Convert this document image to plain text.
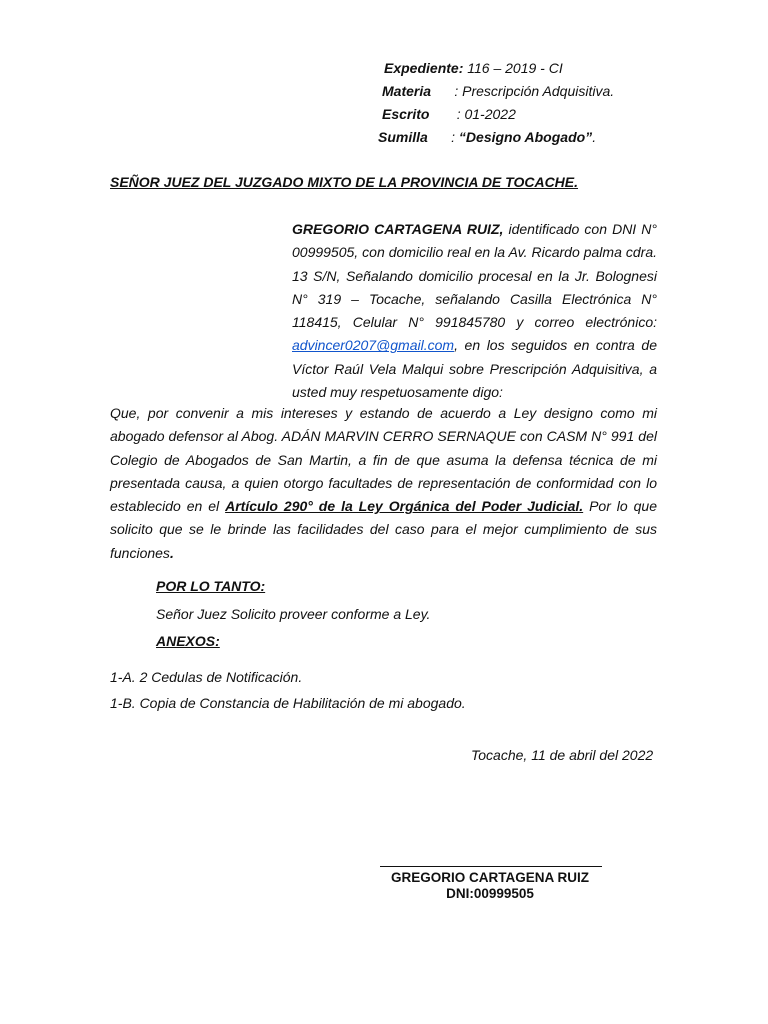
Expediente: 116 – 2019 - CI
Materia      : Prescripción Adquisitiva.
Escrito       : 01-2022
Sumilla      : “Designo Abogado”.
SEÑOR JUEZ DEL JUZGADO MIXTO DE LA PROVINCIA DE TOCACHE.
GREGORIO CARTAGENA RUIZ, identificado con DNI N° 00999505, con domicilio real en la Av. Ricardo palma cdra. 13 S/N, Señalando domicilio procesal en la Jr. Bolognesi N° 319 – Tocache, señalando Casilla Electrónica N° 118415, Celular N° 991845780 y correo electrónico: advincer0207@gmail.com, en los seguidos en contra de Víctor Raúl Vela Malqui sobre Prescripción Adquisitiva, a usted muy respetuosamente digo:
Que, por convenir a mis intereses y estando de acuerdo a Ley designo como mi abogado defensor al Abog. ADÁN MARVIN CERRO SERNAQUE con CASM N° 991 del Colegio de Abogados de San Martin, a fin de que asuma la defensa técnica de mi presentada causa, a quien otorgo facultades de representación de conformidad con lo establecido en el Artículo 290° de la Ley Orgánica del Poder Judicial. Por lo que solicito que se le brinde las facilidades del caso para el mejor cumplimiento de sus funciones.
POR LO TANTO:
Señor Juez Solicito proveer conforme a Ley.
ANEXOS:
1-A. 2 Cedulas de Notificación.
1-B. Copia de Constancia de Habilitación de mi abogado.
Tocache, 11 de abril del 2022
GREGORIO CARTAGENA RUIZ
DNI:00999505
